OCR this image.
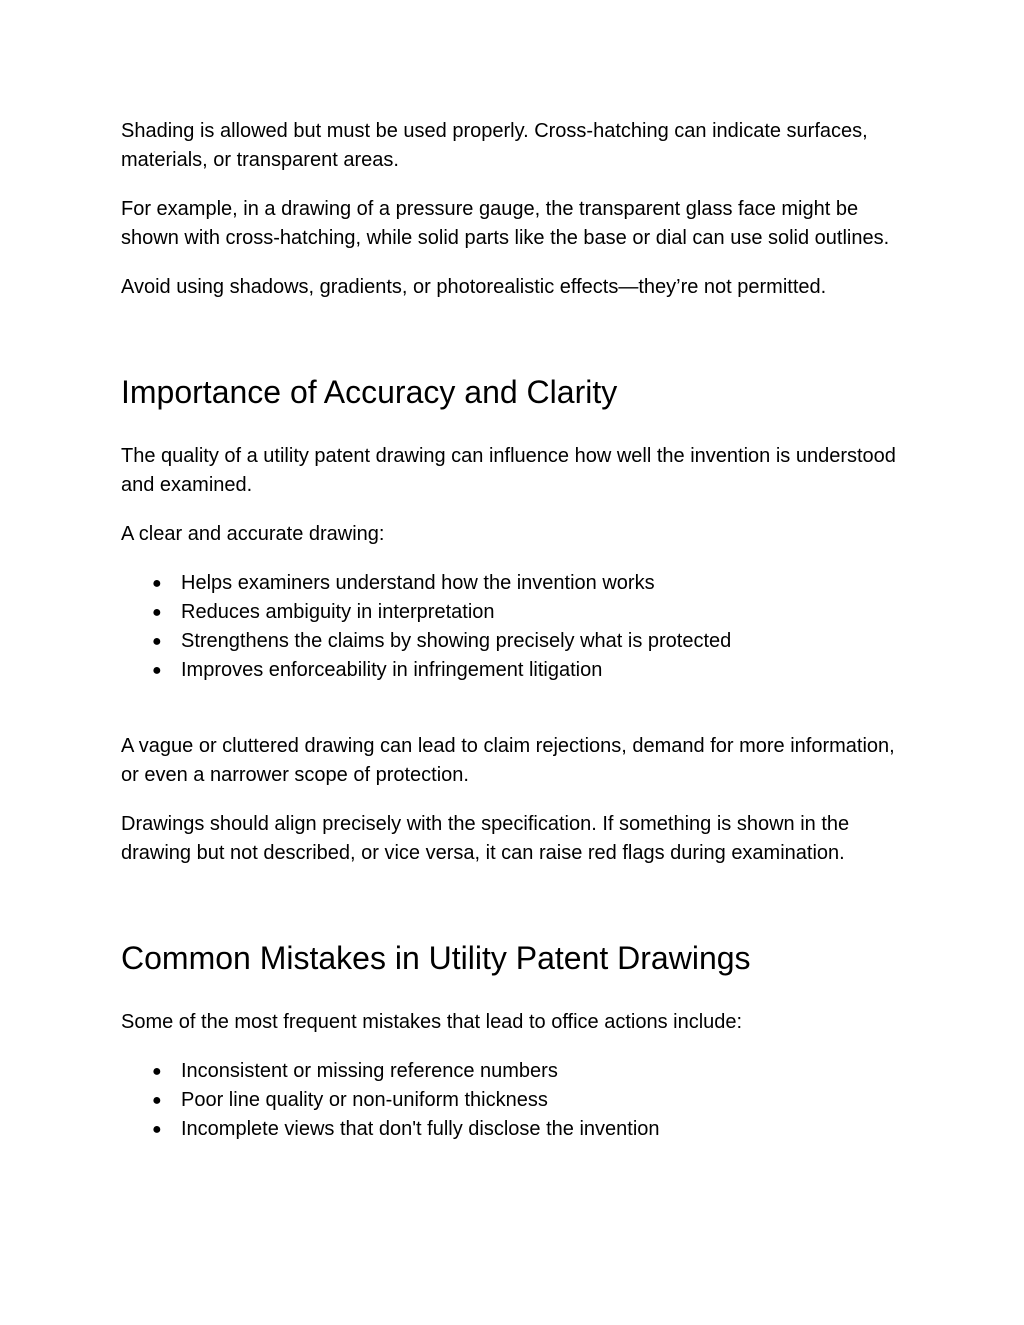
Shading is allowed but must be used properly. Cross-hatching can indicate surfaces, materials, or transparent areas.

For example, in a drawing of a pressure gauge, the transparent glass face might be shown with cross-hatching, while solid parts like the base or dial can use solid outlines.

Avoid using shadows, gradients, or photorealistic effects—they’re not permitted.

Importance of Accuracy and Clarity

The quality of a utility patent drawing can influence how well the invention is understood and examined.

A clear and accurate drawing:

● Helps examiners understand how the invention works
● Reduces ambiguity in interpretation
● Strengthens the claims by showing precisely what is protected
● Improves enforceability in infringement litigation

A vague or cluttered drawing can lead to claim rejections, demand for more information, or even a narrower scope of protection.

Drawings should align precisely with the specification. If something is shown in the drawing but not described, or vice versa, it can raise red flags during examination.

Common Mistakes in Utility Patent Drawings

Some of the most frequent mistakes that lead to office actions include:

● Inconsistent or missing reference numbers
● Poor line quality or non-uniform thickness
● Incomplete views that don't fully disclose the invention
